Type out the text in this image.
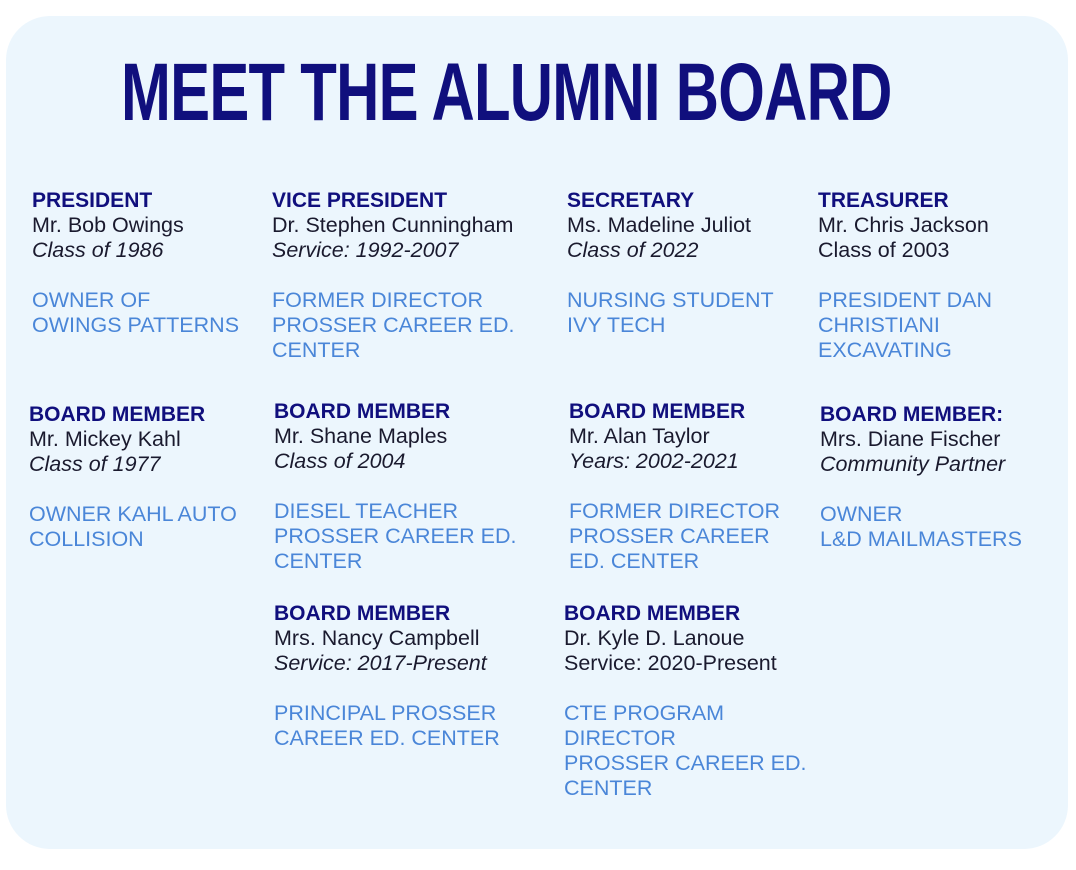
MEET THE ALUMNI BOARD
PRESIDENT
Mr. Bob Owings
Class of 1986
OWNER OF
OWINGS PATTERNS
VICE PRESIDENT
Dr. Stephen Cunningham
Service: 1992-2007
FORMER DIRECTOR
PROSSER CAREER ED.
CENTER
SECRETARY
Ms. Madeline Juliot
Class of 2022
NURSING STUDENT
IVY TECH
TREASURER
Mr. Chris Jackson
Class of 2003
PRESIDENT DAN
CHRISTIANI
EXCAVATING
BOARD MEMBER
Mr. Mickey Kahl
Class of 1977
OWNER KAHL AUTO
COLLISION
BOARD MEMBER
Mr. Shane Maples
Class of 2004
DIESEL TEACHER
PROSSER CAREER ED.
CENTER
BOARD MEMBER
Mr. Alan Taylor
Years: 2002-2021
FORMER DIRECTOR
PROSSER CAREER
ED. CENTER
BOARD MEMBER:
Mrs. Diane Fischer
Community Partner
OWNER
L&D MAILMASTERS
BOARD MEMBER
Mrs. Nancy Campbell
Service: 2017-Present
PRINCIPAL PROSSER
CAREER ED. CENTER
BOARD MEMBER
Dr. Kyle D. Lanoue
Service: 2020-Present
CTE PROGRAM
DIRECTOR
PROSSER CAREER ED.
CENTER
